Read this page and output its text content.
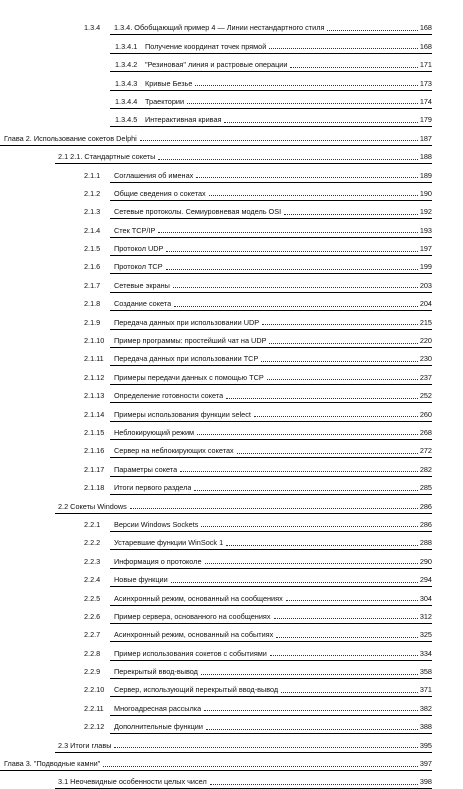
1.3.4	1.3.4. Обобщающий пример 4 — Линии нестандартного стиля	168
1.3.4.1	Получение координат точек прямой	168
1.3.4.2	"Резиновая" линия и растровые операции	171
1.3.4.3	Кривые Безье	173
1.3.4.4	Траектории	174
1.3.4.5	Интерактивная кривая	179
Глава 2. Использование сокетов Delphi	187
2.1 2.1. Стандартные сокеты	188
2.1.1	Соглашения об именах	189
2.1.2	Общие сведения о сокетах	190
2.1.3	Сетевые протоколы. Семиуровневая модель OSI	192
2.1.4	Стек TCP/IP	193
2.1.5	Протокол UDP	197
2.1.6	Протокол TCP	199
2.1.7	Сетевые экраны	203
2.1.8	Создание сокета	204
2.1.9	Передача данных при использовании UDP	215
2.1.10	Пример программы: простейший чат на UDP	220
2.1.11	Передача данных при использовании TCP	230
2.1.12	Примеры передачи данных с помощью TCP	237
2.1.13	Определение готовности сокета	252
2.1.14	Примеры использования функции select	260
2.1.15	Неблокирующий режим	268
2.1.16	Сервер на неблокирующих сокетах	272
2.1.17	Параметры сокета	282
2.1.18	Итоги первого раздела	285
2.2 Сокеты Windows	286
2.2.1	Версии Windows Sockets	286
2.2.2	Устаревшие функции WinSock 1	288
2.2.3	Информация о протоколе	290
2.2.4	Новые функции	294
2.2.5	Асинхронный режим, основанный на сообщениях	304
2.2.6	Пример сервера, основанного на сообщениях	312
2.2.7	Асинхронный режим, основанный на событиях	325
2.2.8	Пример использования сокетов с событиями	334
2.2.9	Перекрытый ввод-вывод	358
2.2.10	Сервер, использующий перекрытый ввод-вывод	371
2.2.11	Многоадресная рассылка	382
2.2.12	Дополнительные функции	388
2.3 Итоги главы	395
Глава 3. "Подводные камни"	397
3.1 Неочевидные особенности целых чисел	398
